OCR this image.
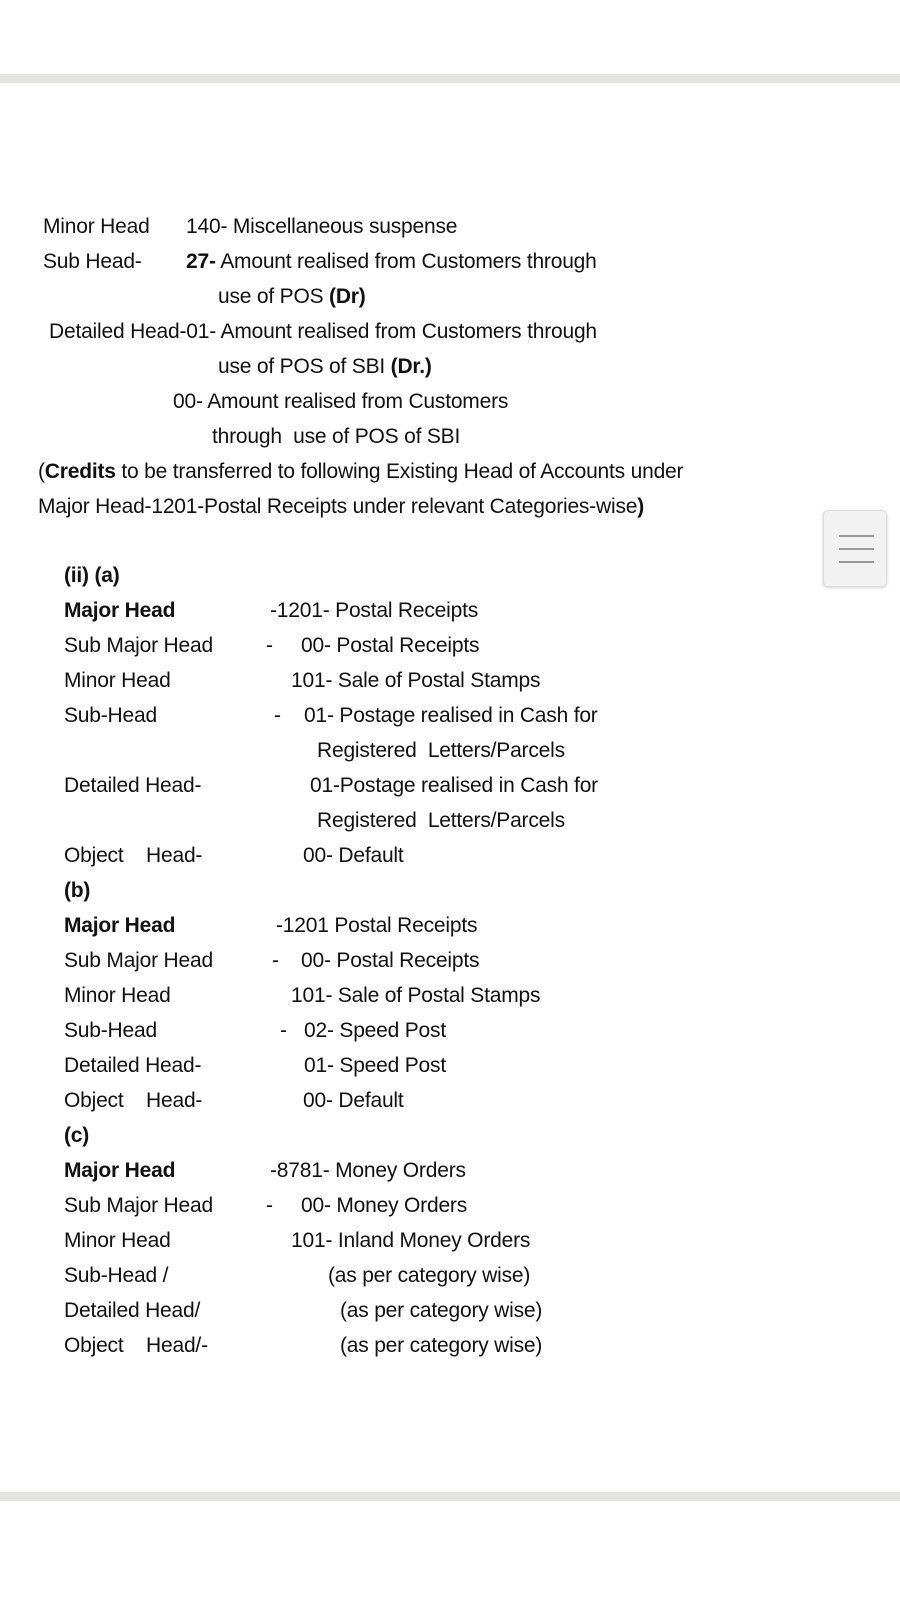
Minor Head 140- Miscellaneous suspense
Sub Head- 27- Amount realised from Customers through
use of POS (Dr)
Detailed Head-01- Amount realised from Customers through
use of POS of SBI (Dr.)
00- Amount realised from Customers
through  use of POS of SBI
(Credits to be transferred to following Existing Head of Accounts under
Major Head-1201-Postal Receipts under relevant Categories-wise)
(ii) (a)
Major Head	-1201- Postal Receipts
Sub Major Head	- 00- Postal Receipts
Minor Head	101- Sale of Postal Stamps
Sub-Head	- 01- Postage realised in Cash for
Registered  Letters/Parcels
Detailed Head-	01-Postage realised in Cash for
Registered  Letters/Parcels
Object    Head-	00- Default
(b)
Major Head	-1201 Postal Receipts
Sub Major Head	- 00- Postal Receipts
Minor Head	101- Sale of Postal Stamps
Sub-Head	- 02- Speed Post
Detailed Head-	01- Speed Post
Object    Head-	00- Default
(c)
Major Head	-8781- Money Orders
Sub Major Head	- 00- Money Orders
Minor Head	101- Inland Money Orders
Sub-Head /	(as per category wise)
Detailed Head/	(as per category wise)
Object    Head/-	(as per category wise)
